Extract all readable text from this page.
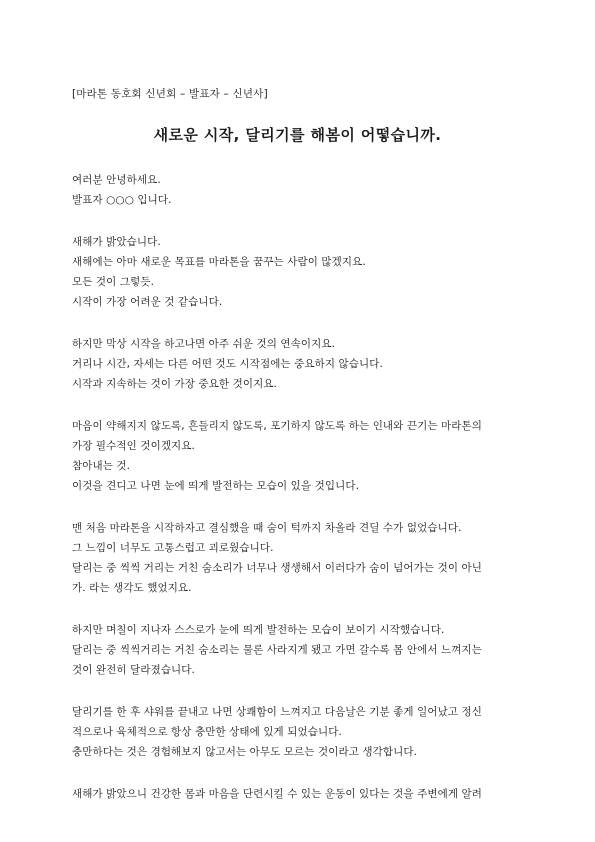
[마라톤 동호회 신년회 – 발표자 – 신년사]
새로운 시작, 달리기를 해봄이 어떻습니까.
여러분 안녕하세요.
발표자 ○○○ 입니다.
새해가 밝았습니다.
새해에는 아마 새로운 목표를 마라톤을 꿈꾸는 사람이 많겠지요.
모든 것이 그렇듯.
시작이 가장 어려운 것 같습니다.
하지만 막상 시작을 하고나면 아주 쉬운 것의 연속이지요.
거리나 시간, 자세는 다른 어떤 것도 시작점에는 중요하지 않습니다.
시작과 지속하는 것이 가장 중요한 것이지요.
마음이 약해지지 않도록, 흔들리지 않도록, 포기하지 않도록 하는 인내와 끈기는 마라톤의
가장 필수적인 것이겠지요.
참아내는 것.
이것을 견디고 나면 눈에 띄게 발전하는 모습이 있을 것입니다.
맨 처음 마라톤을 시작하자고 결심했을 때 숨이 턱까지 차올라 견딜 수가 없었습니다.
그 느낌이 너무도 고통스럽고 괴로웠습니다.
달리는 중 씩씩 거리는 거친 숨소리가 너무나 생생해서 이러다가 숨이 넘어가는 것이 아닌
가. 라는 생각도 했었지요.
하지만 며칠이 지나자 스스로가 눈에 띄게 발전하는 모습이 보이기 시작했습니다.
달리는 중 씩씩거리는 거친 숨소리는 물론 사라지게 됐고 가면 갈수록 몸 안에서 느껴지는
것이 완전히 달라졌습니다.
달리기를 한 후 샤워를 끝내고 나면 상쾌함이 느껴지고 다음날은 기분 좋게 일어났고 정신
적으로나 육체적으로 항상 충만한 상태에 있게 되었습니다.
충만하다는 것은 경험해보지 않고서는 아무도 모르는 것이라고 생각합니다.
새해가 밝았으니 건강한 몸과 마음을 단련시킬 수 있는 운동이 있다는 것을 주변에게 알려
